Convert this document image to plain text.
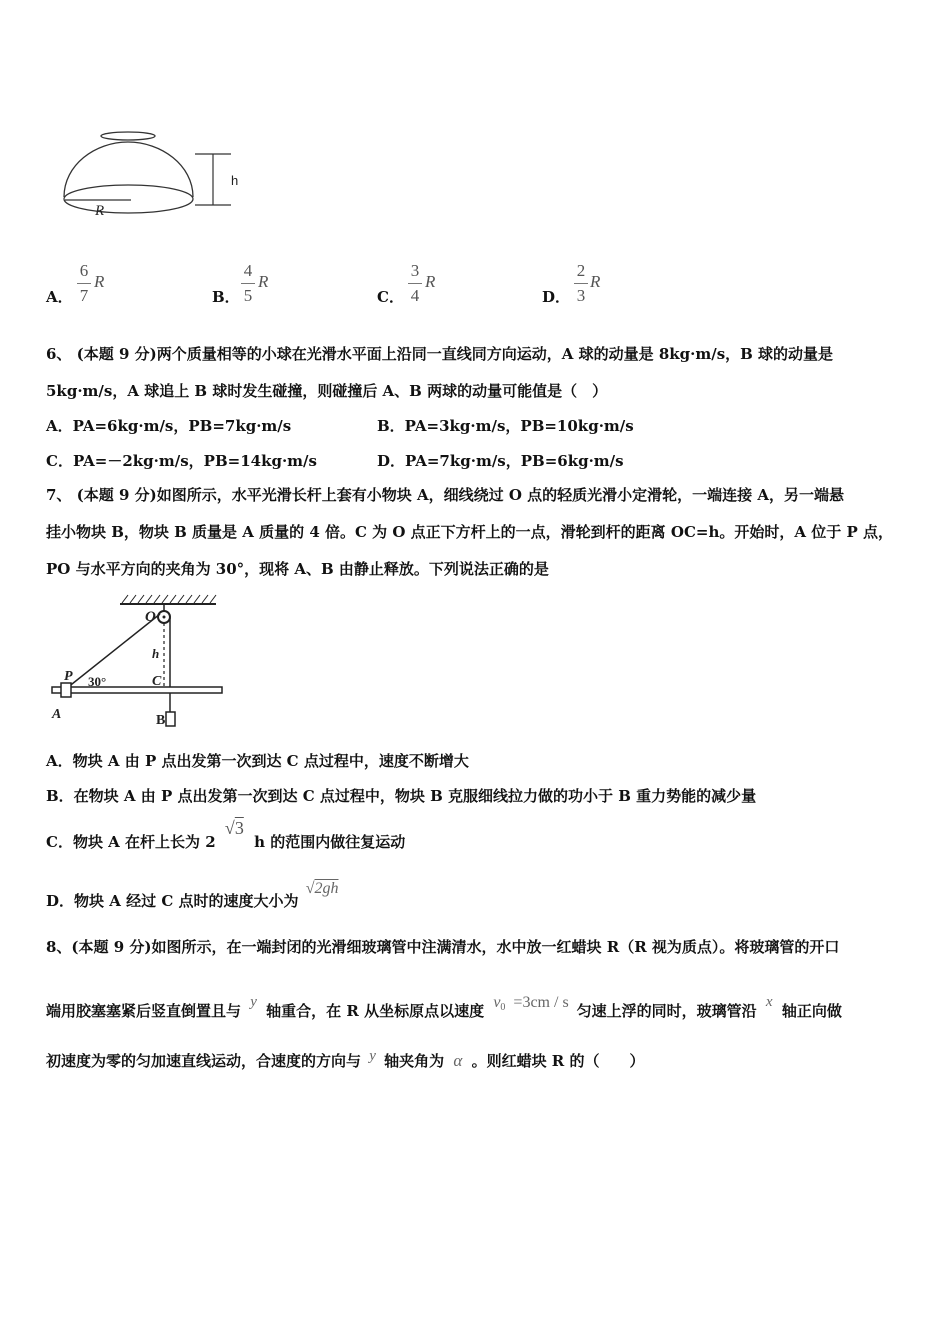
h
R
A．
6
7
R
B．
4
5
R
C．
3
4
R
D．
2
3
R
6、 (本题 9 分)两个质量相等的小球在光滑水平面上沿同一直线同方向运动，A 球的动量是 8kg·m/s，B 球的动量是
5kg·m/s，A 球追上 B 球时发生碰撞，则碰撞后 A、B 两球的动量可能值是（　）
A．PA=6kg·m/s，PB=7kg·m/s	B．PA=3kg·m/s，PB=10kg·m/s
C．PA=－2kg·m/s，PB=14kg·m/s	D．PA=7kg·m/s，PB=6kg·m/s
7、 (本题 9 分)如图所示，水平光滑长杆上套有小物块 A，细线绕过 O 点的轻质光滑小定滑轮，一端连接 A，另一端悬
挂小物块 B，物块 B 质量是 A 质量的 4 倍。C 为 O 点正下方杆上的一点，滑轮到杆的距离 OC=h。开始时，A 位于 P 点，
PO 与水平方向的夹角为 30°，现将 A、B 由静止释放。下列说法正确的是
O
h
P 30°	C
A	B
A．物块 A 由 P 点出发第一次到达 C 点过程中，速度不断增大
B．在物块 A 由 P 点出发第一次到达 C 点过程中，物块 B 克服细线拉力做的功小于 B 重力势能的减少量
C．物块 A 在杆上长为 2
√3
h 的范围内做往复运动
D．物块 A 经过 C 点时的速度大小为
√2gh
8、(本题 9 分)如图所示，在一端封闭的光滑细玻璃管中注满清水，水中放一红蜡块 R（R 视为质点）。将玻璃管的开口
端用胶塞塞紧后竖直倒置且与 y 轴重合，在 R 从坐标原点以速度 v0 =3cm / s 匀速上浮的同时，玻璃管沿 x 轴正向做
初速度为零的匀加速直线运动，合速度的方向与 y 轴夹角为 α 。则红蜡块 R 的（　　）
